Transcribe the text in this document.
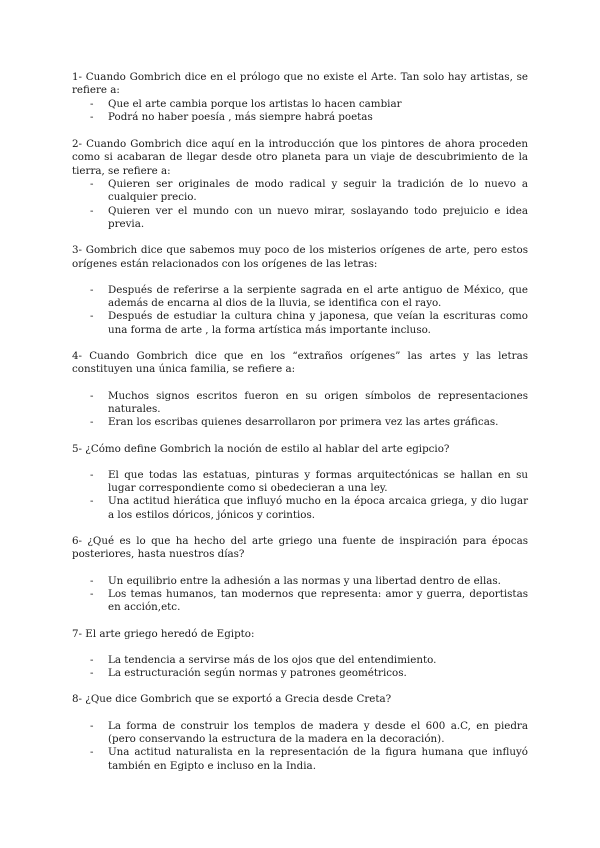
1- Cuando Gombrich dice en el prólogo que no existe el Arte. Tan solo hay artistas, se refiere a:
- Que el arte cambia porque los artistas lo hacen cambiar
- Podrá no haber poesía , más siempre habrá poetas
2- Cuando Gombrich dice aquí en la introducción que los pintores de ahora proceden como si acabaran de llegar desde otro planeta para un viaje de descubrimiento de la tierra, se refiere a:
- Quieren ser originales de modo radical y seguir la tradición de lo nuevo a cualquier precio.
- Quieren ver el mundo con un nuevo mirar, soslayando todo prejuicio e idea previa.
3- Gombrich dice que sabemos muy poco de los misterios orígenes de arte, pero estos orígenes están relacionados con los orígenes de las letras:
- Después de referirse a la serpiente sagrada en el arte antiguo de México, que además de encarna al dios de la lluvia, se identifica con el rayo.
- Después de estudiar la cultura china y japonesa, que veían la escrituras como una forma de arte , la forma artística más importante incluso.
4- Cuando Gombrich dice que en los “extraños orígenes” las artes y las letras constituyen una única familia, se refiere a:
- Muchos signos escritos fueron en su origen símbolos de representaciones naturales.
- Eran los escribas quienes desarrollaron por primera vez las artes gráficas.
5- ¿Cómo define Gombrich la noción de estilo al hablar del arte egipcio?
- El que todas las estatuas, pinturas y formas arquitectónicas se hallan en su lugar correspondiente como si obedecieran a una ley.
- Una actitud hierática que influyó mucho en la época arcaica griega, y dio lugar a los estilos dóricos, jónicos y corintios.
6- ¿Qué es lo que ha hecho del arte griego una fuente de inspiración para épocas posteriores, hasta nuestros días?
- Un equilibrio entre la adhesión a las normas y una libertad dentro de ellas.
- Los temas humanos, tan modernos que representa: amor y guerra, deportistas en acción,etc.
7- El arte griego heredó de Egipto:
- La tendencia a servirse más de los ojos que del entendimiento.
- La estructuración según normas y patrones geométricos.
8- ¿Que dice Gombrich que se exportó a Grecia desde Creta?
- La forma de construir los templos de madera y desde el 600 a.C, en piedra (pero conservando la estructura de la madera en la decoración).
- Una actitud naturalista en la representación de la figura humana que influyó también en Egipto e incluso en la India.
